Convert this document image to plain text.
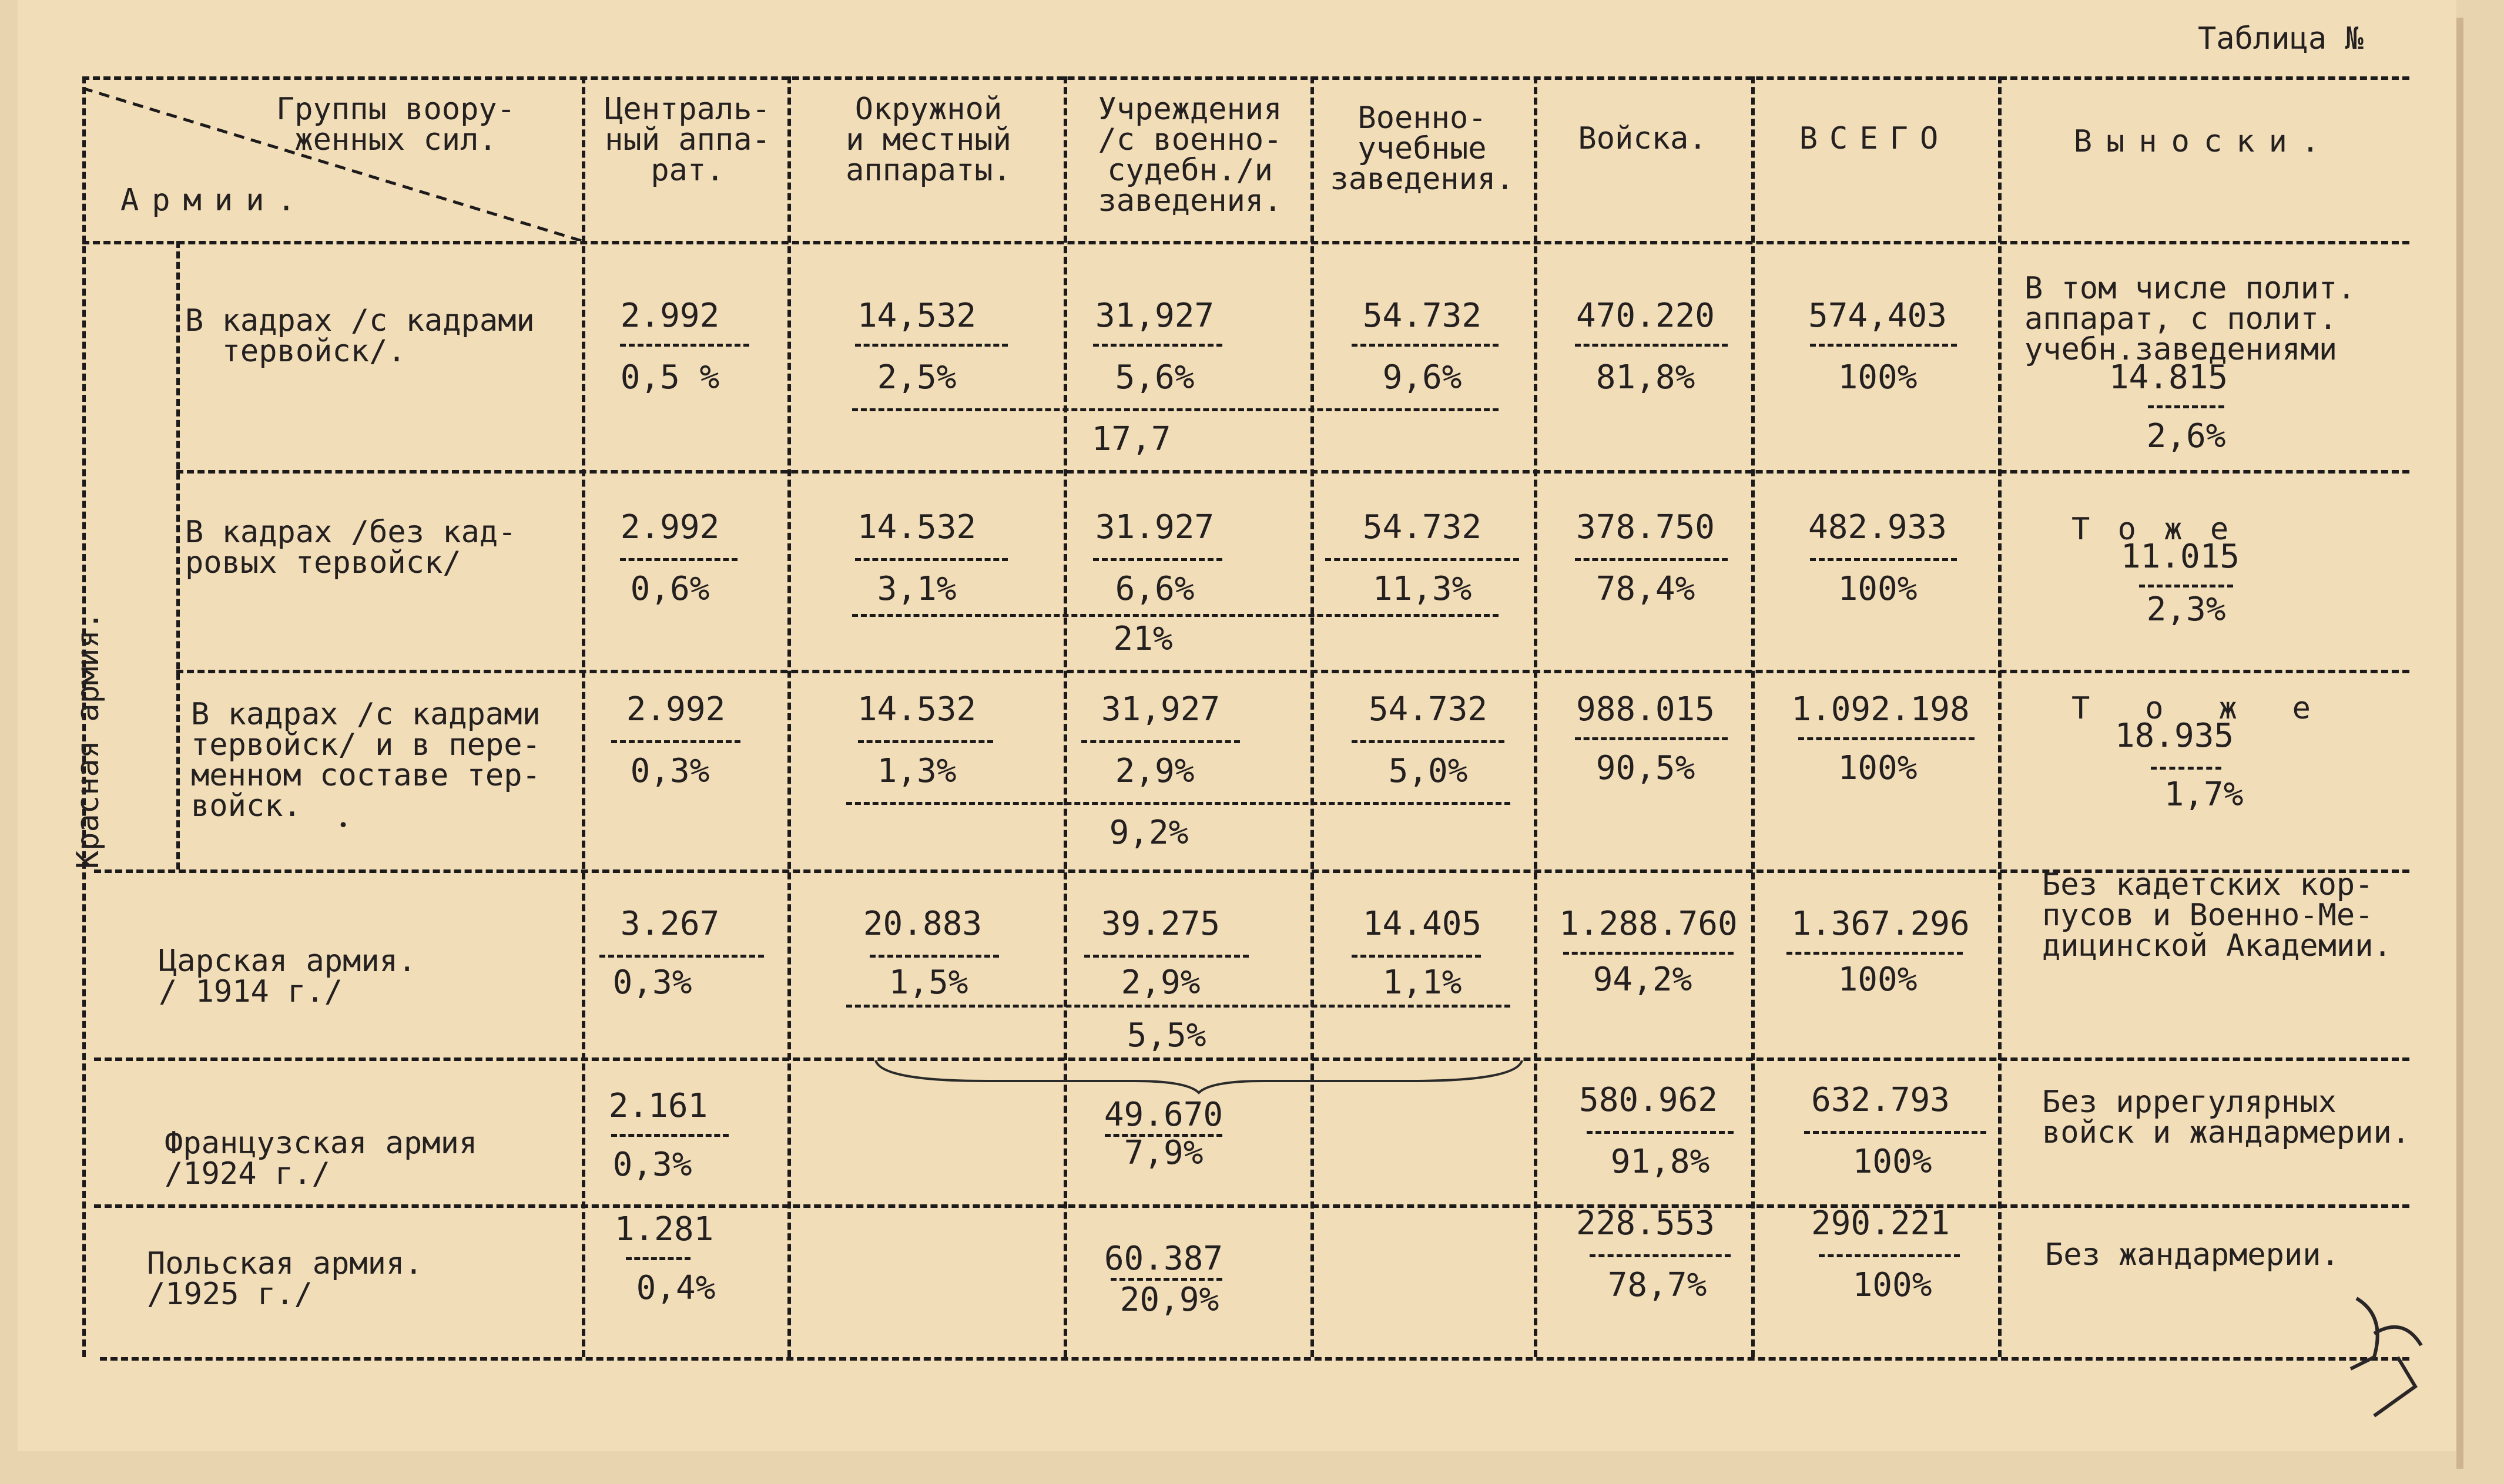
Таблица №
Группы воору-
женных сил.
Армии.
Централь-
ный аппа-
рат.
Окружной
и местный
аппараты.
Учреждения
/с военно-
судебн./и
заведения.
Военно-
учебные
заведения.
Войска.	ВСЕГО	Выноски.
Красная армия.
В кадрах /с кадрами
тервойск/.
2.992
0,5 %
14,532
2,5%
31,927
5,6%
54.732
9,6%
470.220
81,8%
574,403
100%
17,7
В том числе полит.
аппарат, с полит.
учебн.заведениями
14.815
2,6%
В кадрах /без кад-
ровых тервойск/
2.992
0,6%
14.532
3,1%
31.927
6,6%
54.732
11,3%
378.750
78,4%
482.933
100%
21%
Т о ж е
11.015
2,3%
В кадрах /с кадрами
тервойск/ и в пере-
менном составе тер-
войск.
•
2.992
0,3%
14.532
1,3%
31,927
2,9%
54.732
5,0%
988.015
90,5%
1.092.198
100%
9,2%
Т   о   ж   е
18.935
1,7%
Царская армия.
/ 1914 г./
3.267
0,3%
20.883
1,5%
39.275
2,9%
14.405
1,1%
1.288.760
94,2%
1.367.296
100%
5,5%
Без кадетских кор-
пусов и Военно-Ме-
дицинской Академии.
Французская армия
/1924 г./
2.161
0,3%
49.670
7,9%
580.962
91,8%
632.793
100%
Без иррегулярных
войск и жандармерии.
Польская армия.
/1925 г./
1.281
0,4%
60.387
20,9%
228.553
78,7%
290.221
100%
Без жандармерии.
